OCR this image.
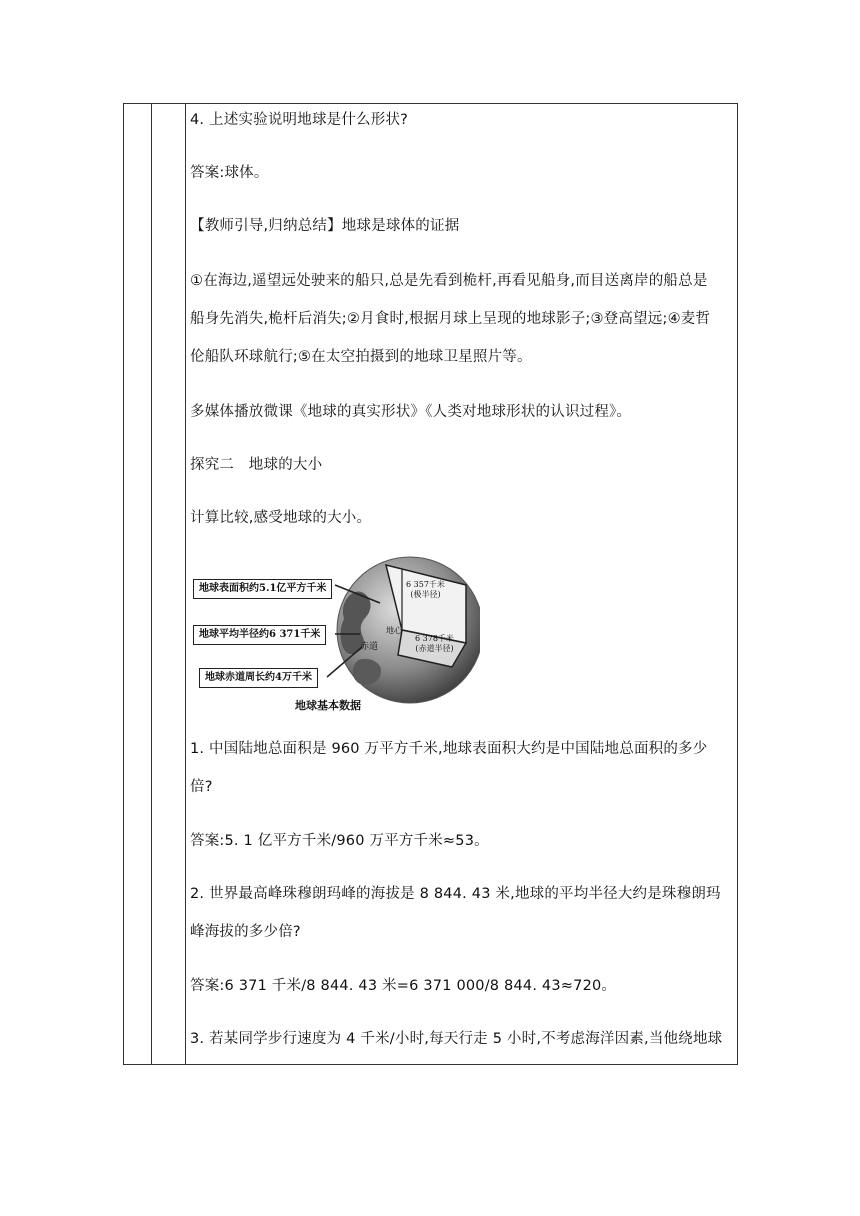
4. 上述实验说明地球是什么形状?
答案:球体。
【教师引导,归纳总结】地球是球体的证据
①在海边,遥望远处驶来的船只,总是先看到桅杆,再看见船身,而目送离岸的船总是
船身先消失,桅杆后消失;②月食时,根据月球上呈现的地球影子;③登高望远;④麦哲
伦船队环球航行;⑤在太空拍摄到的地球卫星照片等。
多媒体播放微课《地球的真实形状》《人类对地球形状的认识过程》。
探究二　地球的大小
计算比较,感受地球的大小。
地球表面积约5.1亿平方千米
地球平均半径约6 371千米
地球赤道周长约4万千米
6 357千米
(极半径)
地心
6 378千米
(赤道半径)
赤道
地球基本数据
1. 中国陆地总面积是 960 万平方千米,地球表面积大约是中国陆地总面积的多少
倍?
答案:5. 1 亿平方千米/960 万平方千米≈53。
2. 世界最高峰珠穆朗玛峰的海拔是 8 844. 43 米,地球的平均半径大约是珠穆朗玛
峰海拔的多少倍?
答案:6 371 千米/8 844. 43 米=6 371 000/8 844. 43≈720。
3. 若某同学步行速度为 4 千米/小时,每天行走 5 小时,不考虑海洋因素,当他绕地球
